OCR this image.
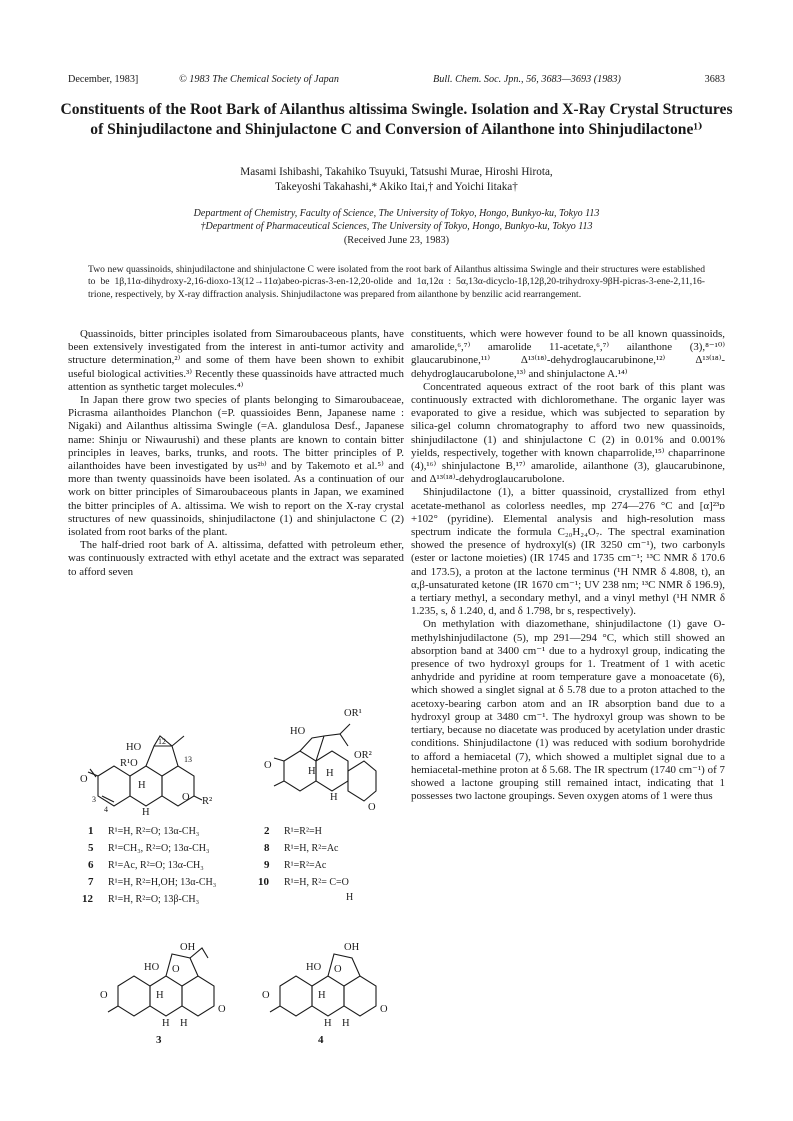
December, 1983]	© 1983 The Chemical Society of Japan	Bull. Chem. Soc. Jpn., 56, 3683—3693 (1983)	3683
Constituents of the Root Bark of Ailanthus altissima Swingle. Isolation and X-Ray Crystal Structures of Shinjudilactone and Shinjulactone C and Conversion of Ailanthone into Shinjudilactone¹⁾
Masami Ishibashi, Takahiko Tsuyuki, Tatsushi Murae, Hiroshi Hirota,
Takeyoshi Takahashi,* Akiko Itai,† and Yoichi Iitaka†
Department of Chemistry, Faculty of Science, The University of Tokyo, Hongo, Bunkyo-ku, Tokyo 113
†Department of Pharmaceutical Sciences, The University of Tokyo, Hongo, Bunkyo-ku, Tokyo 113
(Received June 23, 1983)
Two new quassinoids, shinjudilactone and shinjulactone C were isolated from the root bark of Ailanthus altissima Swingle and their structures were established to be 1β,11α-dihydroxy-2,16-dioxo-13(12→11α)abeo-picras-3-en-12,20-olide and 1α,12α : 5α,13α-dicyclo-1β,12β,20-trihydroxy-9βH-picras-3-ene-2,11,16-trione, respectively, by X-ray diffraction analysis. Shinjudilactone was prepared from ailanthone by benzilic acid rearrangement.

Quassinoids, bitter principles isolated from Simaroubaceous plants, have been extensively investigated from the interest in anti-tumor activity and structure determination,²⁾ and some of them have been shown to exhibit useful biological activities.³⁾ Recently these quassinoids have attracted much attention as synthetic target molecules.⁴⁾

In Japan there grow two species of plants belonging to Simaroubaceae, Picrasma ailanthoides Planchon (=P. quassioides Benn, Japanese name : Nigaki) and Ailanthus altissima Swingle (=A. glandulosa Desf., Japanese name: Shinju or Niwaurushi) and these plants are known to contain bitter principles in leaves, barks, trunks, and roots. The bitter principles of P. ailanthoides have been investigated by us²ᵇ⁾ and by Takemoto et al.⁵⁾ and more than twenty quassinoids have been isolated. As a continuation of our work on bitter principles of Simaroubaceous plants in Japan, we examined the bitter principles of A. altissima. We wish to report on the X-ray crystal structures of new quassinoids, shinjudilactone (1) and shinjulactone C (2) isolated from root barks of the plant.

The half-dried root bark of A. altissima, defatted with petroleum ether, was continuously extracted with ethyl acetate and the extract was separated to afford seven

constituents, which were however found to be all known quassinoids, amarolide,⁶,⁷⁾ amarolide 11-acetate,⁶,⁷⁾ ailanthone (3),⁸⁻¹⁰⁾ glaucarubinone,¹¹⁾ Δ¹³⁽¹⁸⁾-dehydroglaucarubinone,¹²⁾ Δ¹³⁽¹⁸⁾-dehydroglaucarubolone,¹³⁾ and shinjulactone A.¹⁴⁾

Concentrated aqueous extract of the root bark of this plant was continuously extracted with dichloromethane. The organic layer was evaporated to give a residue, which was subjected to separation by silica-gel column chromatography to afford two new quassinoids, shinjudilactone (1) and shinjulactone C (2) in 0.01% and 0.001% yields, respectively, together with known chaparrolide,¹⁵⁾ chaparrinone (4),¹⁶⁾ shinjulactone B,¹⁷⁾ amarolide, ailanthone (3), glaucarubinone, and Δ¹³⁽¹⁸⁾-dehydroglaucarubolone.

Shinjudilactone (1), a bitter quassinoid, crystallized from ethyl acetate-methanol as colorless needles, mp 274—276 °C and [α]²³ᴅ +102° (pyridine). Elemental analysis and high-resolution mass spectrum indicate the formula C₂₀H₂₄O₇. The spectral examination showed the presence of hydroxyl(s) (IR 3250 cm⁻¹), two carbonyls (ester or lactone moieties) (IR 1745 and 1735 cm⁻¹; ¹³C NMR δ 170.6 and 173.5), a proton at the lactone terminus (¹H NMR δ 4.808, t), an α,β-unsaturated ketone (IR 1670 cm⁻¹; UV 238 nm; ¹³C NMR δ 196.9), a tertiary methyl, a secondary methyl, and a vinyl methyl (¹H NMR δ 1.235, s, δ 1.240, d, and δ 1.798, br s, respectively).

On methylation with diazomethane, shinjudilactone (1) gave O-methylshinjudilactone (5), mp 291—294 °C, which still showed an absorption band at 3400 cm⁻¹ due to a hydroxyl group, indicating the presence of two hydroxyl groups for 1. Treatment of 1 with acetic anhydride and pyridine at room temperature gave a monoacetate (6), which showed a singlet signal at δ 5.78 due to a proton attached to the acetoxy-bearing carbon atom and an IR absorption band due to a hydroxyl group at 3480 cm⁻¹. The hydroxyl group was shown to be tertiary, because no diacetate was produced by acetylation under drastic conditions. Shinjudilactone (1) was reduced with sodium borohydride to afford a hemiacetal (7), which showed a multiplet signal due to a hemiacetal-methine proton at δ 5.68. The IR spectrum (1740 cm⁻¹) of 7 showed a lactone grouping still remained intact, indicating that 1 possesses two lactone groupings. Seven oxygen atoms of 1 were thus

HO
R¹O
O
O
H
H
R²
12
13
3
4
OR¹
OR²
HO
O
O
H H
H
OH
HO
O
O
O
H
H H
OH
HO
O
O
O
H
H H
1 R¹=H, R²=O; 13α-CH₃
5 R¹=CH₃, R²=O; 13α-CH₃
6 R¹=Ac, R²=O; 13α-CH₃
7 R¹=H, R²=H,OH; 13α-CH₃
12 R¹=H, R²=O; 13β-CH₃
2 R¹=R²=H
8 R¹=H, R²=Ac
9 R¹=R²=Ac
10 R¹=H, R²= C=O
H
3	4
